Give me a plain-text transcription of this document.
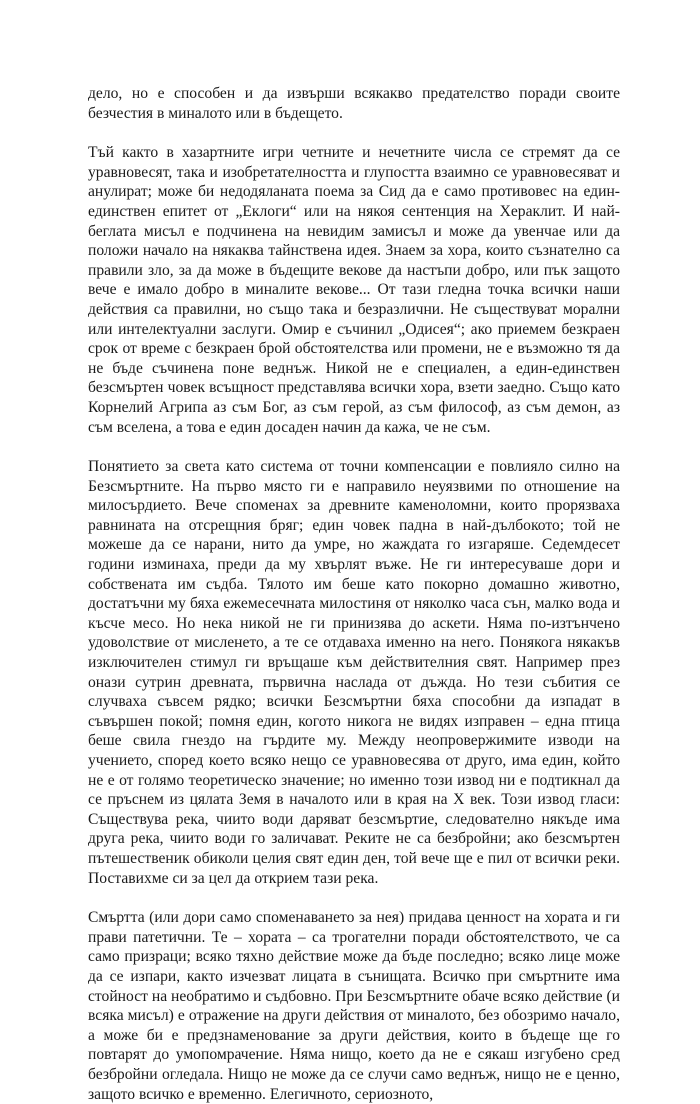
дело, но е способен и да извърши всякакво предателство поради своите безчестия в миналото или в бъдещето.

Тъй както в хазартните игри четните и нечетните числа се стремят да се уравновесят, така и изобретателността и глупостта взаимно се уравновесяват и анулират; може би недодяланата поема за Сид да е само противовес на един-единствен епитет от „Еклоги“ или на някоя сентенция на Хераклит. И най-беглата мисъл е подчинена на невидим замисъл и може да увенчае или да положи начало на някаква тайнствена идея. Знаем за хора, които съзнателно са правили зло, за да може в бъдещите векове да настъпи добро, или пък защото вече е имало добро в миналите векове... От тази гледна точка всички наши действия са правилни, но също така и безразлични. Не съществуват морални или интелектуални заслуги. Омир е съчинил „Одисея“; ако приемем безкраен срок от време с безкраен брой обстоятелства или промени, не е възможно тя да не бъде съчинена поне веднъж. Никой не е специален, а един-единствен безсмъртен човек всъщност представлява всички хора, взети заедно. Също като Корнелий Агрипа аз съм Бог, аз съм герой, аз съм философ, аз съм демон, аз съм вселена, а това е един досаден начин да кажа, че не съм.

Понятието за света като система от точни компенсации е повлияло силно на Безсмъртните. На първо място ги е направило неуязвими по отношение на милосърдието. Вече споменах за древните каменоломни, които прорязваха равнината на отсрещния бряг; един човек падна в най-дълбокото; той не можеше да се нарани, нито да умре, но жаждата го изгаряше. Седемдесет години изминаха, преди да му хвърлят въже. Не ги интересуваше дори и собствената им съдба. Тялото им беше като покорно домашно животно, достатъчни му бяха ежемесечната милостиня от няколко часа сън, малко вода и късче месо. Но нека никой не ги принизява до аскети. Няма по-изтънчено удоволствие от мисленето, а те се отдаваха именно на него. Понякога някакъв изключителен стимул ги връщаше към действителния свят. Например през онази сутрин древната, първична наслада от дъжда. Но тези събития се случваха съвсем рядко; всички Безсмъртни бяха способни да изпадат в съвършен покой; помня един, когото никога не видях изправен – една птица беше свила гнездо на гърдите му. Между неопровержимите изводи на учението, според което всяко нещо се уравновесява от друго, има един, който не е от голямо теоретическо значение; но именно този извод ни е подтикнал да се пръснем из цялата Земя в началото или в края на X век. Този извод гласи: Съществува река, чиито води даряват безсмъртие, следователно някъде има друга река, чиито води го заличават. Реките не са безбройни; ако безсмъртен пътешественик обиколи целия свят един ден, той вече ще е пил от всички реки. Поставихме си за цел да открием тази река.

Смъртта (или дори само споменаването за нея) придава ценност на хората и ги прави патетични. Те – хората – са трогателни поради обстоятелството, че са само призраци; всяко тяхно действие може да бъде последно; всяко лице може да се изпари, както изчезват лицата в сънищата. Всичко при смъртните има стойност на необратимо и съдбовно. При Безсмъртните обаче всяко действие (и всяка мисъл) е отражение на други действия от миналото, без обозримо начало, а може би е предзнаменование за други действия, които в бъдеще ще го повтарят до умопомрачение. Няма нищо, което да не е сякаш изгубено сред безбройни огледала. Нищо не може да се случи само веднъж, нищо не е ценно, защото всичко е временно. Елегичното, сериозното,
